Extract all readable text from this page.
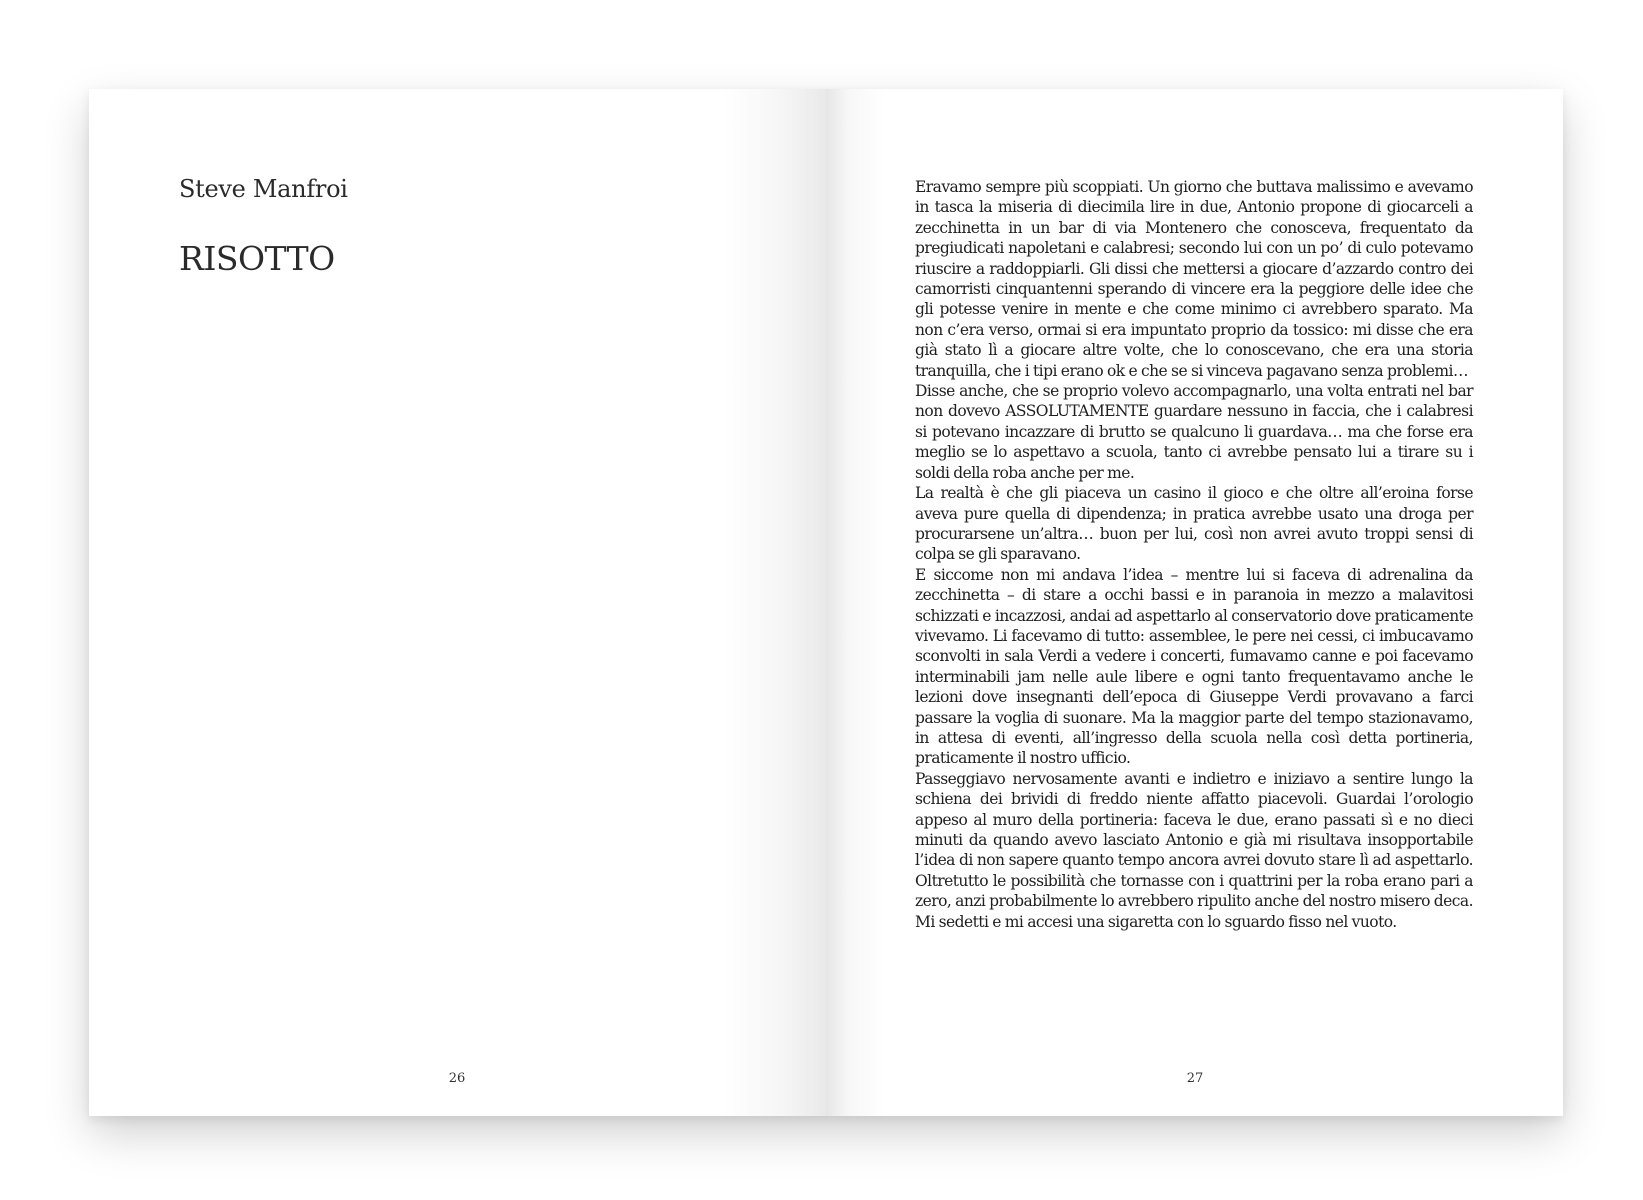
Steve Manfroi
RISOTTO
26

Eravamo sempre più scoppiati. Un giorno che buttava malissimo e avevamo in tasca la miseria di diecimila lire in due, Antonio propone di giocarceli a zecchinetta in un bar di via Montenero che conosceva, frequentato da pregiudicati napoletani e calabresi; secondo lui con un po’ di culo potevamo riuscire a raddoppiarli. Gli dissi che mettersi a giocare d’azzardo contro dei camorristi cinquantenni sperando di vincere era la peggiore delle idee che gli potesse venire in mente e che come minimo ci avrebbero sparato. Ma non c’era verso, ormai si era impuntato proprio da tossico: mi disse che era già stato lì a giocare altre volte, che lo conoscevano, che era una storia tranquilla, che i tipi erano ok e che se si vinceva pagavano senza problemi…

Disse anche, che se proprio volevo accompagnarlo, una volta entrati nel bar non dovevo ASSOLUTAMENTE guardare nessuno in faccia, che i calabresi si potevano incazzare di brutto se qualcuno li guardava… ma che forse era meglio se lo aspettavo a scuola, tanto ci avrebbe pensato lui a tirare su i soldi della roba anche per me.

La realtà è che gli piaceva un casino il gioco e che oltre all’eroina forse aveva pure quella di dipendenza; in pratica avrebbe usato una droga per procurarsene un’altra… buon per lui, così non avrei avuto troppi sensi di colpa se gli sparavano.

E siccome non mi andava l’idea – mentre lui si faceva di adrenalina da zecchinetta – di stare a occhi bassi e in paranoia in mezzo a malavitosi schizzati e incazzosi, andai ad aspettarlo al conservatorio dove praticamente vivevamo. Li facevamo di tutto: assemblee, le pere nei cessi, ci imbucavamo sconvolti in sala Verdi a vedere i concerti, fumavamo canne e poi facevamo interminabili jam nelle aule libere e ogni tanto frequentavamo anche le lezioni dove insegnanti dell’epoca di Giuseppe Verdi provavano a farci passare la voglia di suonare. Ma la maggior parte del tempo stazionavamo, in attesa di eventi, all’ingresso della scuola nella così detta portineria, praticamente il nostro ufficio.

Passeggiavo nervosamente avanti e indietro e iniziavo a sentire lungo la schiena dei brividi di freddo niente affatto piacevoli. Guardai l’orologio appeso al muro della portineria: faceva le due, erano passati sì e no dieci minuti da quando avevo lasciato Antonio e già mi risultava insopportabile l’idea di non sapere quanto tempo ancora avrei dovuto stare lì ad aspettarlo. Oltretutto le possibilità che tornasse con i quattrini per la roba erano pari a zero, anzi probabilmente lo avrebbero ripulito anche del nostro misero deca. Mi sedetti e mi accesi una sigaretta con lo sguardo fisso nel vuoto.

27
